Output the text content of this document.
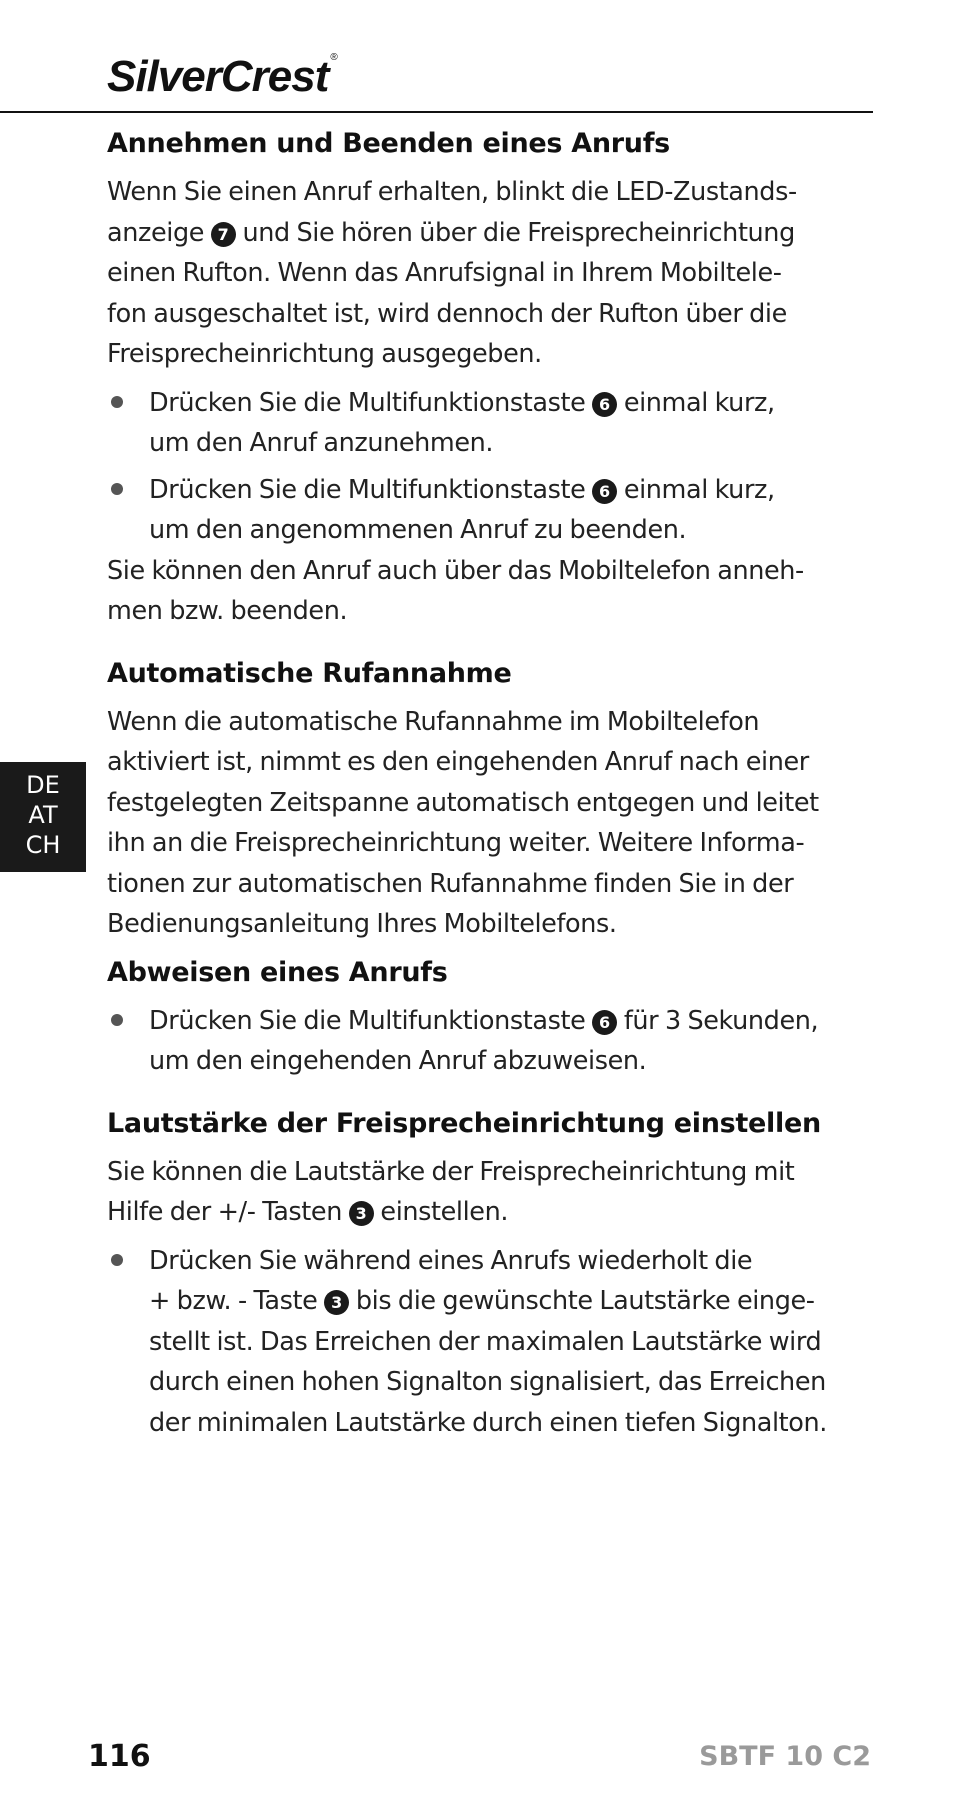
SilverCrest ®
DE
AT
CH
Annehmen und Beenden eines Anrufs

Wenn Sie einen Anruf erhalten, blinkt die LED-Zustands-
anzeige 7 und Sie hören über die Freisprecheinrichtung
einen Rufton. Wenn das Anrufsignal in Ihrem Mobiltele-
fon ausgeschaltet ist, wird dennoch der Rufton über die
Freisprecheinrichtung ausgegeben.

Drücken Sie die Multifunktionstaste 6 einmal kurz,
um den Anruf anzunehmen.

Drücken Sie die Multifunktionstaste 6 einmal kurz,
um den angenommenen Anruf zu beenden.

Sie können den Anruf auch über das Mobiltelefon anneh-
men bzw. beenden.

Automatische Rufannahme

Wenn die automatische Rufannahme im Mobiltelefon
aktiviert ist, nimmt es den eingehenden Anruf nach einer
festgelegten Zeitspanne automatisch entgegen und leitet
ihn an die Freisprecheinrichtung weiter. Weitere Informa-
tionen zur automatischen Rufannahme finden Sie in der
Bedienungsanleitung Ihres Mobiltelefons.

Abweisen eines Anrufs

Drücken Sie die Multifunktionstaste 6 für 3 Sekunden,
um den eingehenden Anruf abzuweisen.

Lautstärke der Freisprecheinrichtung einstellen

Sie können die Lautstärke der Freisprecheinrichtung mit
Hilfe der +/- Tasten 3 einstellen.

Drücken Sie während eines Anrufs wiederholt die
+ bzw. - Taste 3 bis die gewünschte Lautstärke einge-
stellt ist. Das Erreichen der maximalen Lautstärke wird
durch einen hohen Signalton signalisiert, das Erreichen
der minimalen Lautstärke durch einen tiefen Signalton.

116	SBTF 10 C2
